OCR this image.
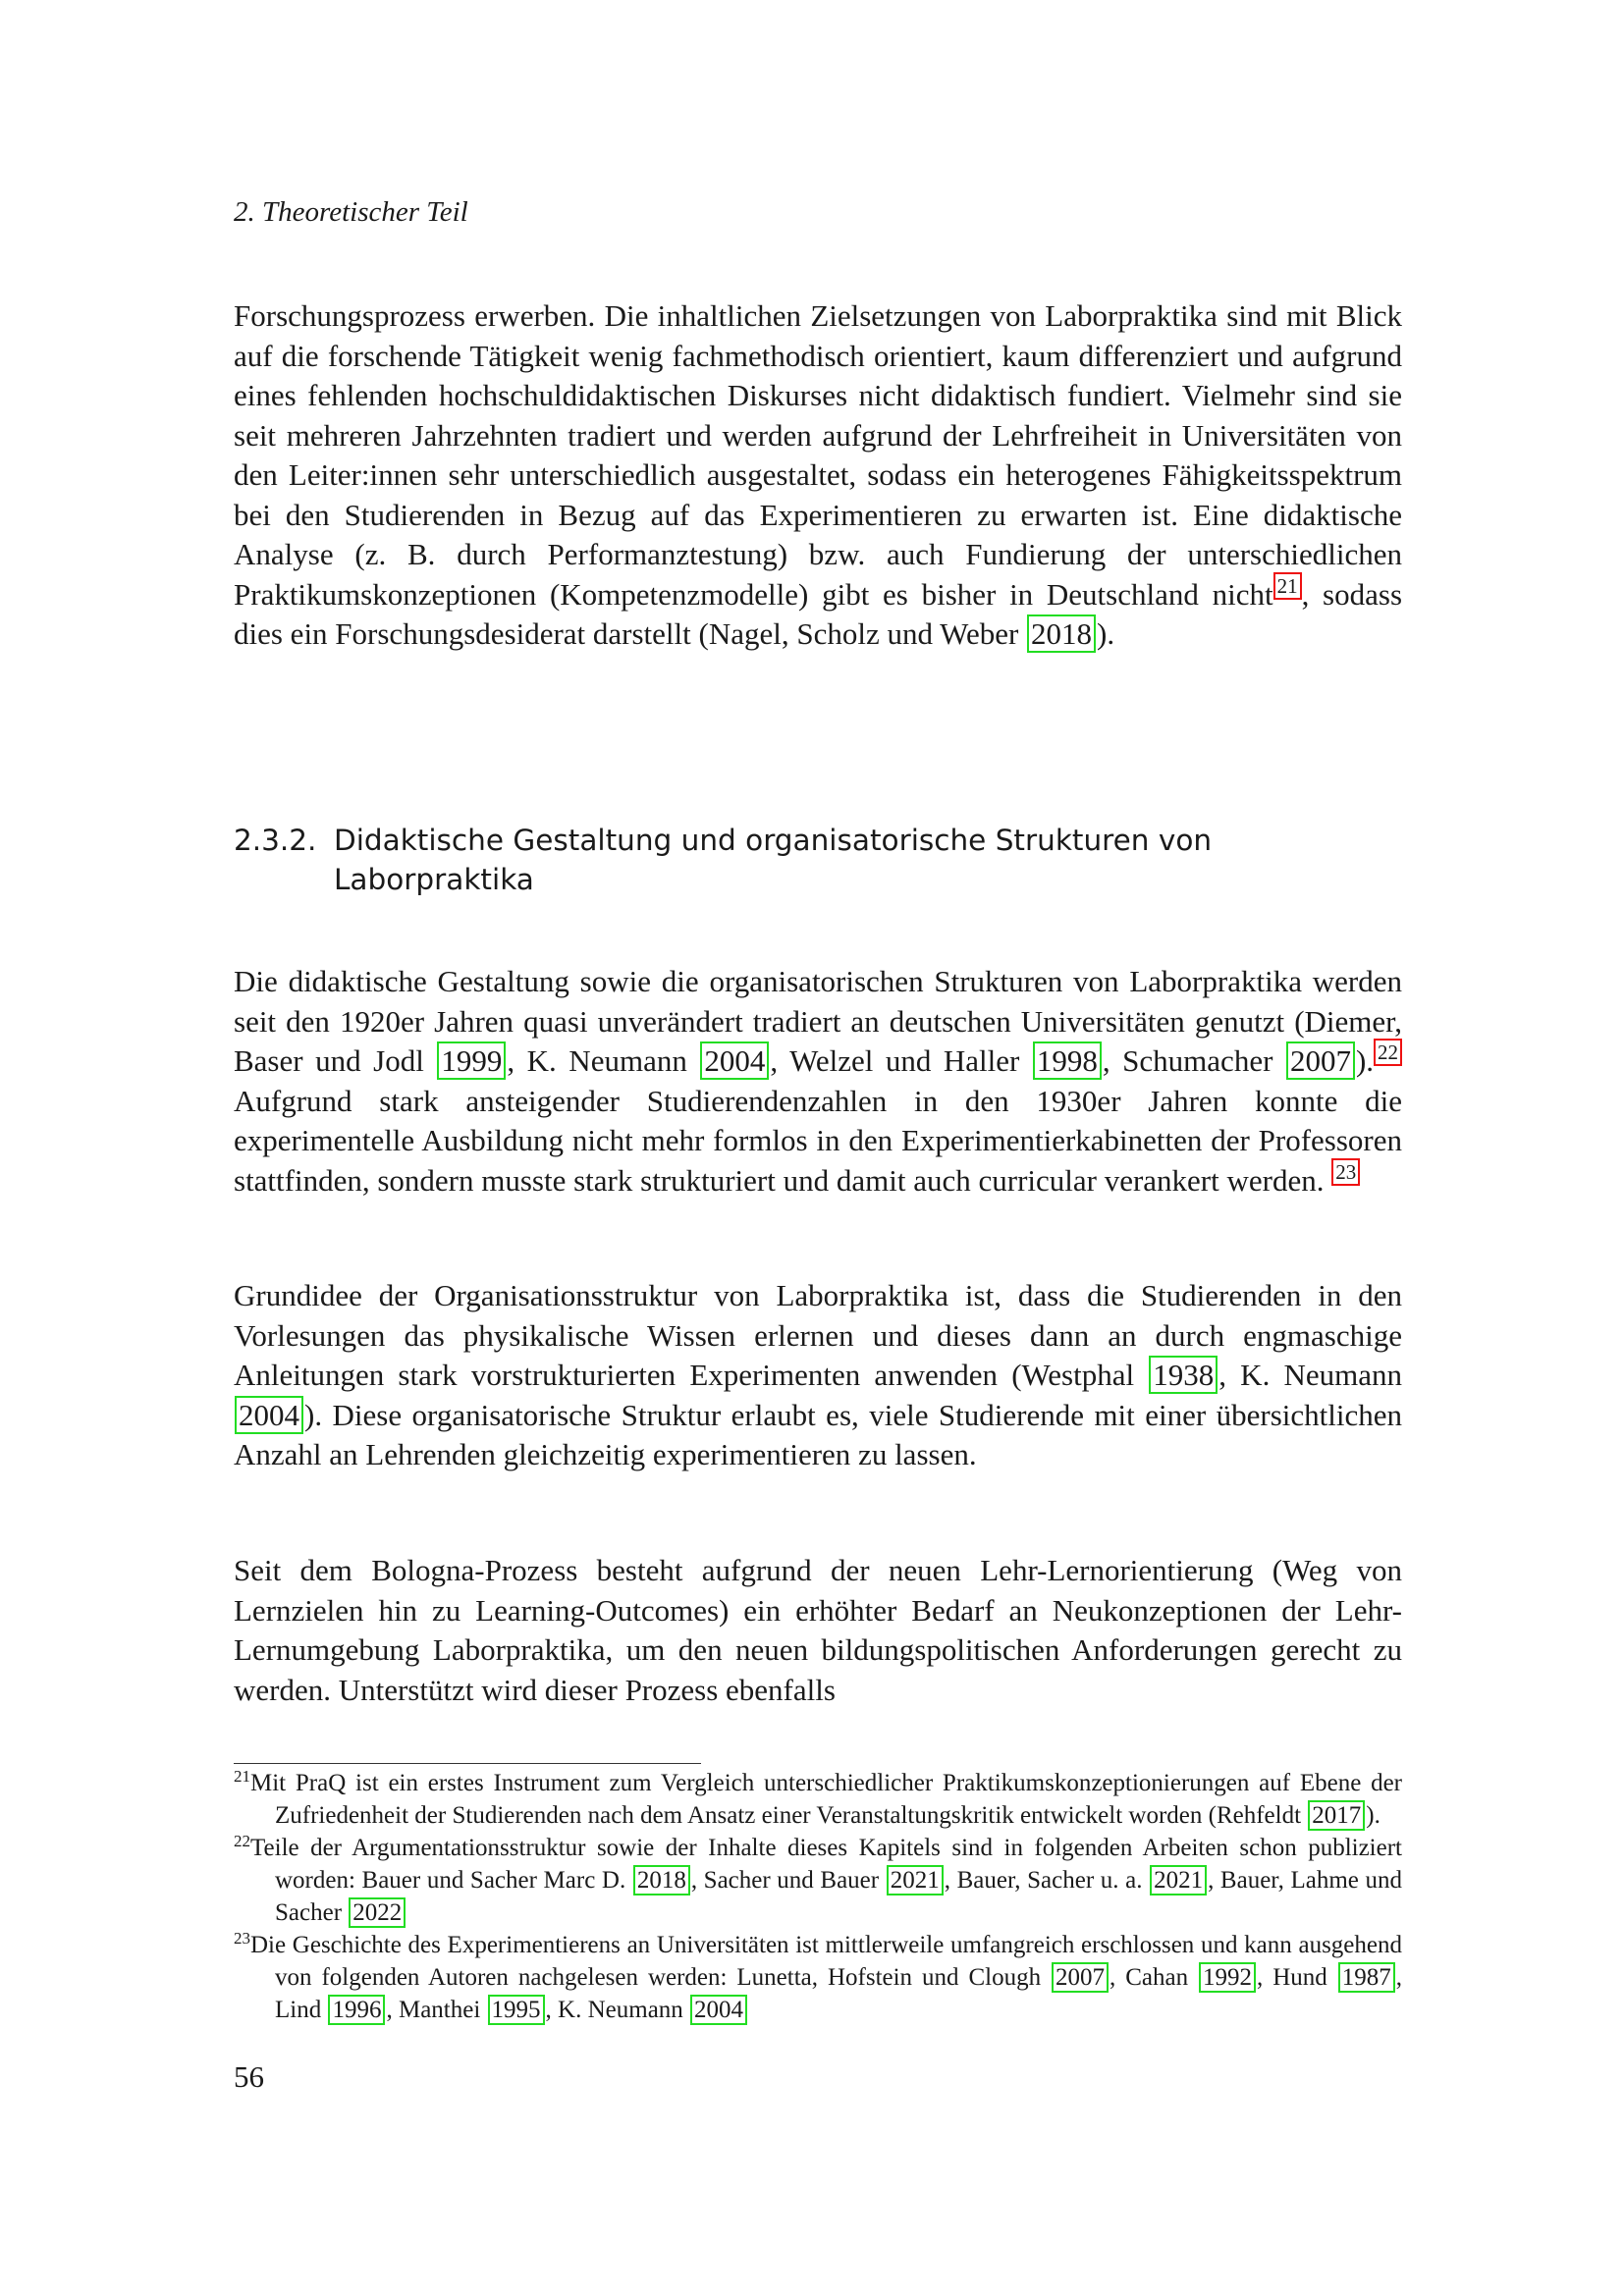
2. Theoretischer Teil
Forschungsprozess erwerben. Die inhaltlichen Zielsetzungen von Laborpraktika sind mit Blick auf die forschende Tätigkeit wenig fachmethodisch orientiert, kaum differenziert und aufgrund eines fehlenden hochschuldidaktischen Diskurses nicht didaktisch fundiert. Vielmehr sind sie seit mehreren Jahrzehnten tradiert und werden aufgrund der Lehrfreiheit in Universitäten von den Leiter:innen sehr unterschiedlich ausgestaltet, sodass ein heterogenes Fähigkeitsspektrum bei den Studierenden in Bezug auf das Experimentieren zu erwarten ist. Eine didaktische Analyse (z. B. durch Performanztestung) bzw. auch Fundierung der unterschiedlichen Praktikumskonzeptionen (Kompetenzmodelle) gibt es bisher in Deutschland nicht $^{21}$ , sodass dies ein Forschungsdesiderat darstellt (Nagel, Scholz und Weber 2018 ).
2.3.2. Didaktische Gestaltung und organisatorische Strukturen von
Laborpraktika
Die didaktische Gestaltung sowie die organisatorischen Strukturen von Laborpraktika werden seit den 1920er Jahren quasi unverändert tradiert an deutschen Universitäten genutzt (Diemer, Baser und Jodl 1999 , K. Neumann 2004 , Welzel und Haller 1998 , Schumacher 2007 ). $^{22}$ Aufgrund stark ansteigender Studierendenzahlen in den 1930er Jahren konnte die experimentelle Ausbildung nicht mehr formlos in den Experimentierkabinetten der Professoren stattfinden, sondern musste stark strukturiert und damit auch curricular verankert werden. $^{23}$
Grundidee der Organisationsstruktur von Laborpraktika ist, dass die Studierenden in den Vorlesungen das physikalische Wissen erlernen und dieses dann an durch engmaschige Anleitungen stark vorstrukturierten Experimenten anwenden (Westphal 1938 , K. Neumann 2004 ). Diese organisatorische Struktur erlaubt es, viele Studierende mit einer übersichtlichen Anzahl an Lehrenden gleichzeitig experimentieren zu lassen.
Seit dem Bologna-Prozess besteht aufgrund der neuen Lehr-Lernorientierung (Weg von Lernzielen hin zu Learning-Outcomes) ein erhöhter Bedarf an Neukonzeptionen der Lehr-Lernumgebung Laborpraktika, um den neuen bildungspolitischen Anforderungen gerecht zu werden. Unterstützt wird dieser Prozess ebenfalls
$^{21}$Mit PraQ ist ein erstes Instrument zum Vergleich unterschiedlicher Praktikumskonzeptionierungen auf Ebene der Zufriedenheit der Studierenden nach dem Ansatz einer Veranstaltungskritik entwickelt worden (Rehfeldt 2017 ).
$^{22}$Teile der Argumentationsstruktur sowie der Inhalte dieses Kapitels sind in folgenden Arbeiten schon publiziert worden: Bauer und Sacher Marc D. 2018 , Sacher und Bauer 2021 , Bauer, Sacher u. a. 2021 , Bauer, Lahme und Sacher 2022
$^{23}$Die Geschichte des Experimentierens an Universitäten ist mittlerweile umfangreich erschlossen und kann ausgehend von folgenden Autoren nachgelesen werden: Lunetta, Hofstein und Clough 2007 , Cahan 1992 , Hund 1987 , Lind 1996 , Manthei 1995 , K. Neumann 2004
56
